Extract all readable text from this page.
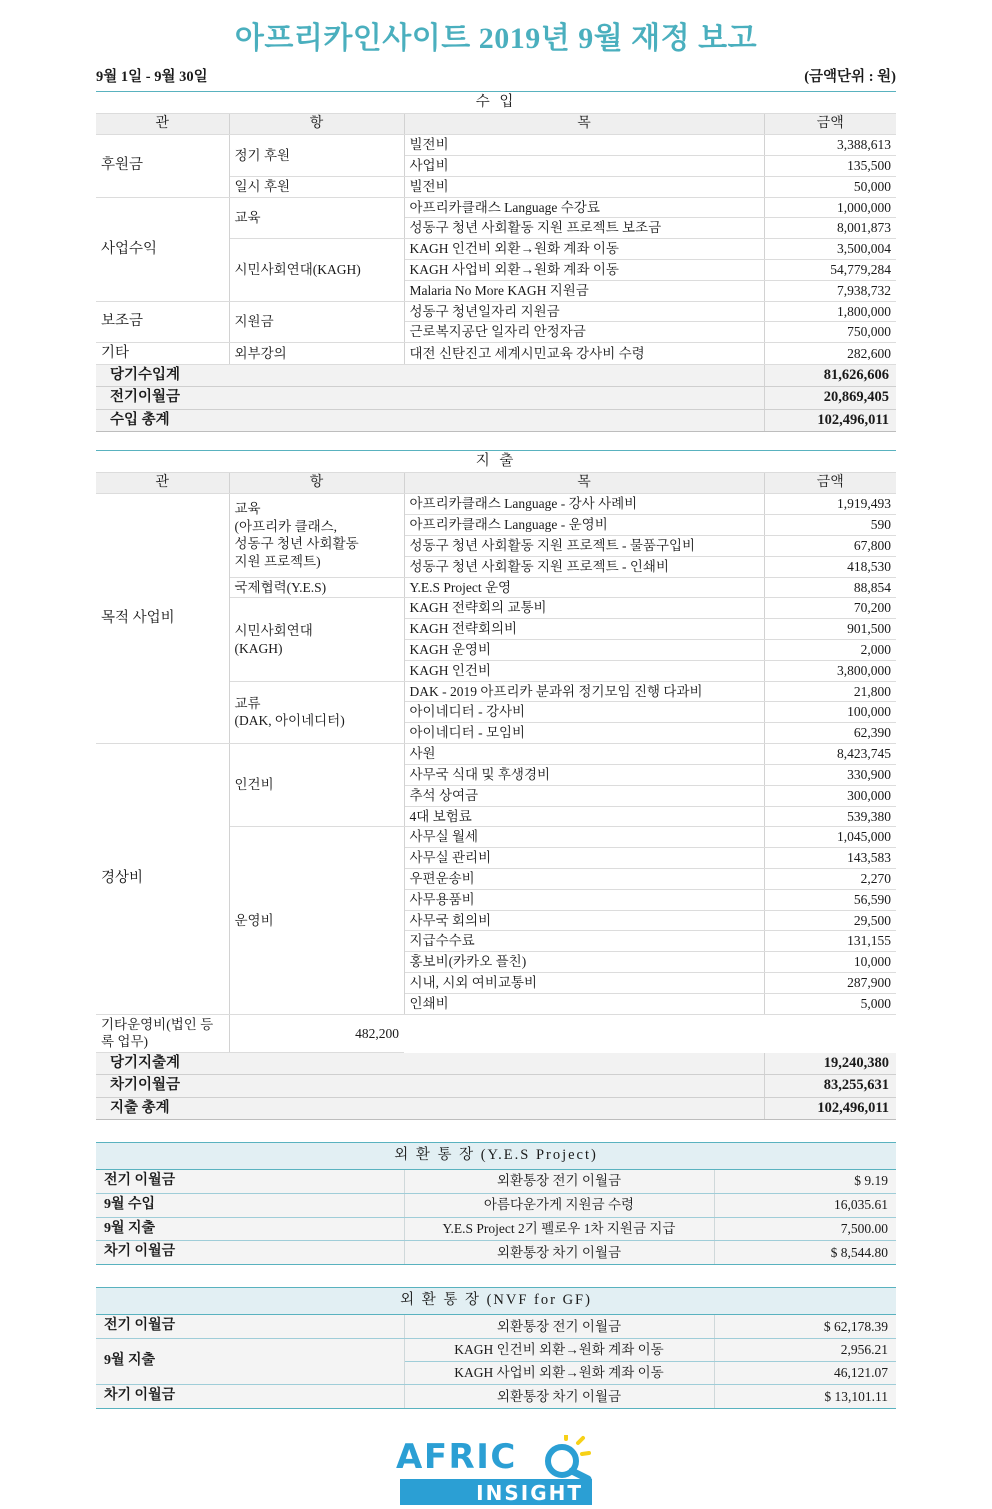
아프리카인사이트 2019년 9월 재정 보고
9월 1일 - 9월 30일	(금액단위 : 원)
수 입			
관	항	목	금액
후원금	정기 후원	빌전비	3,388,613
		사업비	135,500
	일시 후원	빌전비	50,000
사업수익	교육	아프리카클래스 Language 수강료	1,000,000
		성동구 청년 사회활동 지원 프로젝트 보조금	8,001,873
	시민사회연대(KAGH)	KAGH 인건비 외환→원화 계좌 이동	3,500,004
		KAGH 사업비 외환→원화 계좌 이동	54,779,284
		Malaria No More KAGH 지원금	7,938,732
보조금	지원금	성동구 청년일자리 지원금	1,800,000
		근로복지공단 일자리 안정자금	750,000
기타	외부강의	대전 신탄진고 세계시민교육 강사비 수령	282,600
당기수입계			81,626,606
전기이월금			20,869,405
수입 총계			102,496,011
지 출			
관	항	목	금액
목적 사업비	교육
(아프리카 클래스,
성동구 청년 사회활동
지원 프로젝트)	아프리카클래스 Language - 강사 사례비	1,919,493
		아프리카클래스 Language - 운영비	590
		성동구 청년 사회활동 지원 프로젝트 - 물품구입비	67,800
		성동구 청년 사회활동 지원 프로젝트 - 인쇄비	418,530
	국제협력(Y.E.S)	Y.E.S Project 운영	88,854
	시민사회연대
(KAGH)	KAGH 전략회의 교통비	70,200
		KAGH 전략회의비	901,500
		KAGH 운영비	2,000
		KAGH 인건비	3,800,000
	교류
(DAK, 아이네디터)	DAK - 2019 아프리카 분과위 정기모임 진행 다과비	21,800
		아이네디터 - 강사비	100,000
		아이네디터 - 모임비	62,390
경상비	인건비	사원	8,423,745
		사무국 식대 및 후생경비	330,900
		추석 상여금	300,000
		4대 보험료	539,380
	운영비	사무실 월세	1,045,000
		사무실 관리비	143,583
		우편운송비	2,270
		사무용품비	56,590
		사무국 회의비	29,500
		지급수수료	131,155
		홍보비(카카오 플친)	10,000
		시내, 시외 여비교통비	287,900
		인쇄비	5,000
기타운영비(법인 등록 업무)	482,200		
당기지출계			19,240,380
차기이월금			83,255,631
지출 총계			102,496,011
외 환 통 장 (Y.E.S Project)		
전기 이월금	외환통장 전기 이월금	$ 9.19
9월 수입	아름다운가게 지원금 수령	16,035.61
9월 지출	Y.E.S Project 2기 펠로우 1차 지원금 지급	7,500.00
차기 이월금	외환통장 차기 이월금	$ 8,544.80
외 환 통 장 (NVF for GF)		
전기 이월금	외환통장 전기 이월금	$ 62,178.39
9월 지출	KAGH 인건비 외환→원화 계좌 이동	2,956.21
	KAGH 사업비 외환→원화 계좌 이동	46,121.07
차기 이월금	외환통장 차기 이월금	$ 13,101.11
AFRIC
INSIGHT
